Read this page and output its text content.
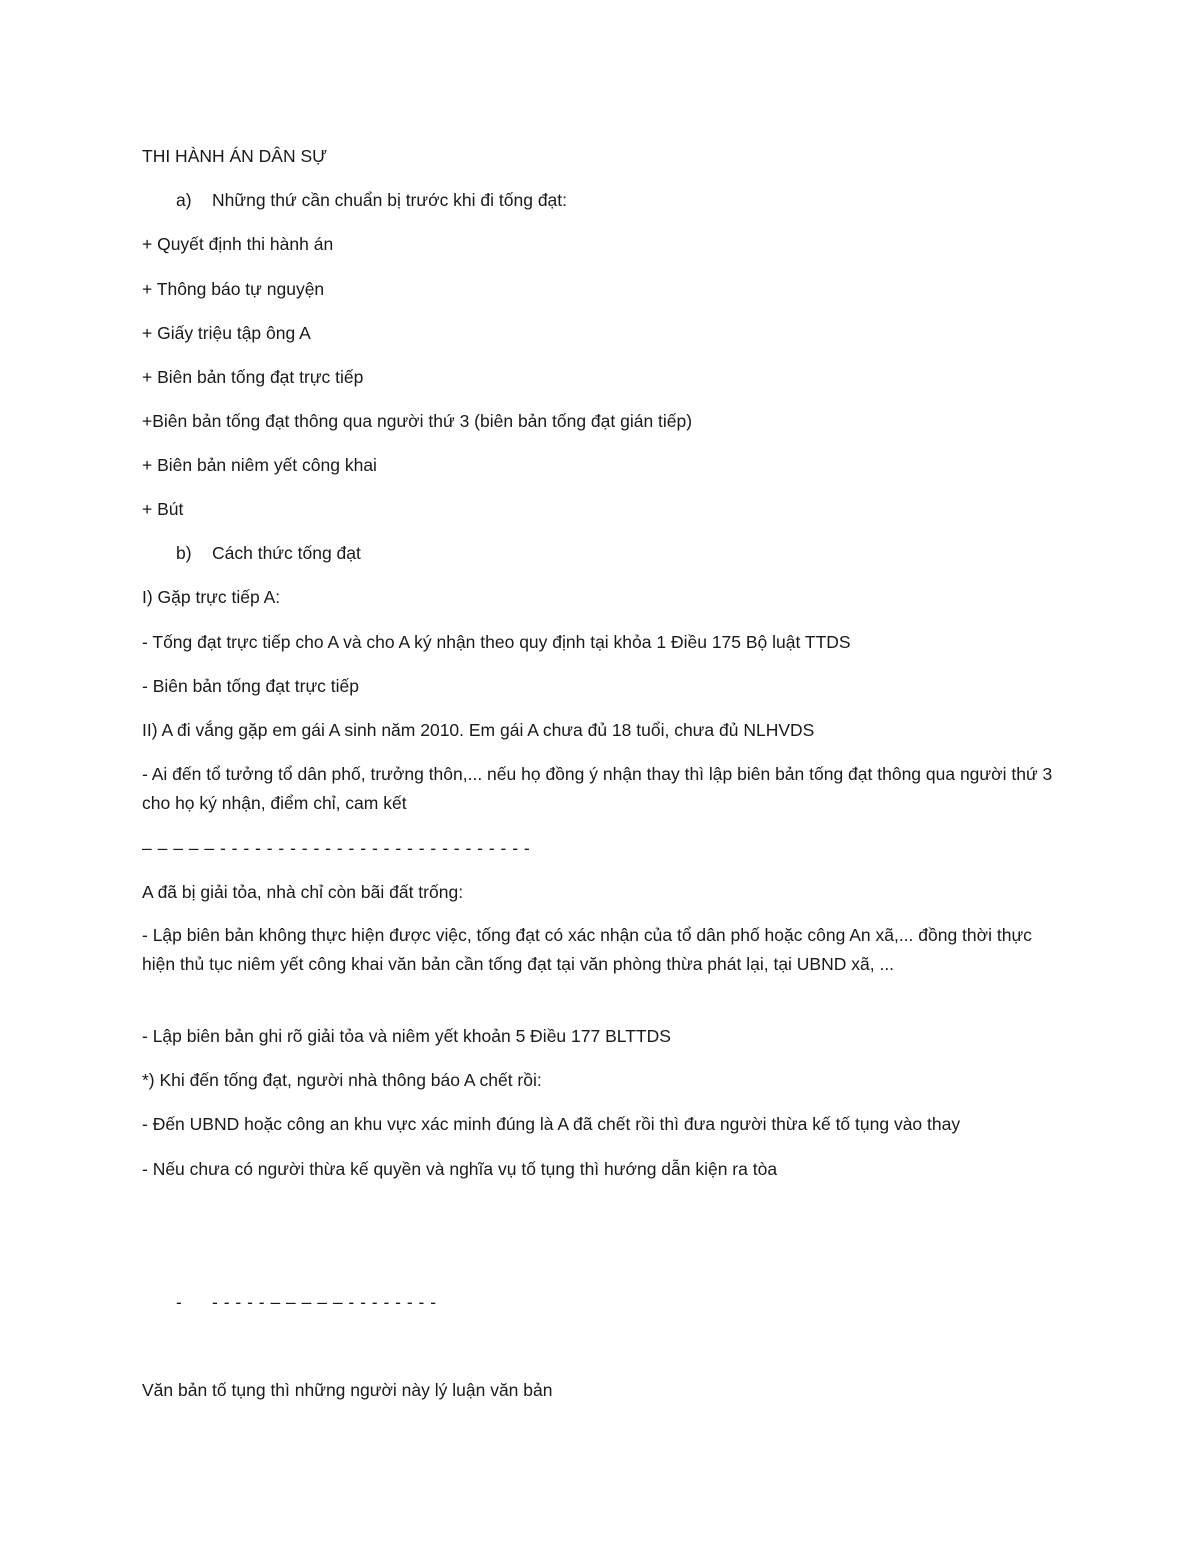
THI HÀNH ÁN DÂN SỰ
a) Những thứ cần chuẩn bị trước khi đi tống đạt:
+ Quyết định thi hành án
+ Thông báo tự nguyện
+ Giấy triệu tập ông A
+ Biên bản tống đạt trực tiếp
+Biên bản tống đạt thông qua người thứ 3 (biên bản tống đạt gián tiếp)
+ Biên bản niêm yết công khai
+ Bút
b) Cách thức tống đạt
I) Gặp trực tiếp A:
- Tống đạt trực tiếp cho A và cho A ký nhận theo quy định tại khỏa 1 Điều 175 Bộ luật TTDS
- Biên bản tống đạt trực tiếp
II) A đi vắng gặp em gái A sinh năm 2010. Em gái A chưa đủ 18 tuổi, chưa đủ NLHVDS
- Ai đến tổ tưởng tổ dân phố, trưởng thôn,... nếu họ đồng ý nhận thay thì lập biên bản tống đạt thông qua người thứ 3 cho họ ký nhận, điểm chỉ, cam kết
– – – – – - - - - - - - - - - - - - - - - - - - - - - - - - - -
A đã bị giải tỏa, nhà chỉ còn bãi đất trống:
- Lập biên bản không thực hiện được việc, tống đạt có xác nhận của tổ dân phố hoặc công An xã,... đồng thời thực hiện thủ tục niêm yết công khai văn bản cần tống đạt tại văn phòng thừa phát lại, tại UBND xã, ...
- Lập biên bản ghi rõ giải tỏa và niêm yết khoản 5 Điều 177 BLTTDS
*) Khi đến tống đạt, người nhà thông báo A chết rồi:
- Đến UBND hoặc công an khu vực xác minh đúng là A đã chết rồi thì đưa người thừa kế tố tụng vào thay
- Nếu chưa có người thừa kế quyền và nghĩa vụ tố tụng thì hướng dẫn kiện ra tòa
- - - - - - – – – – – - - - - - - - -
Văn bản tố tụng thì những người này lý luận văn bản
